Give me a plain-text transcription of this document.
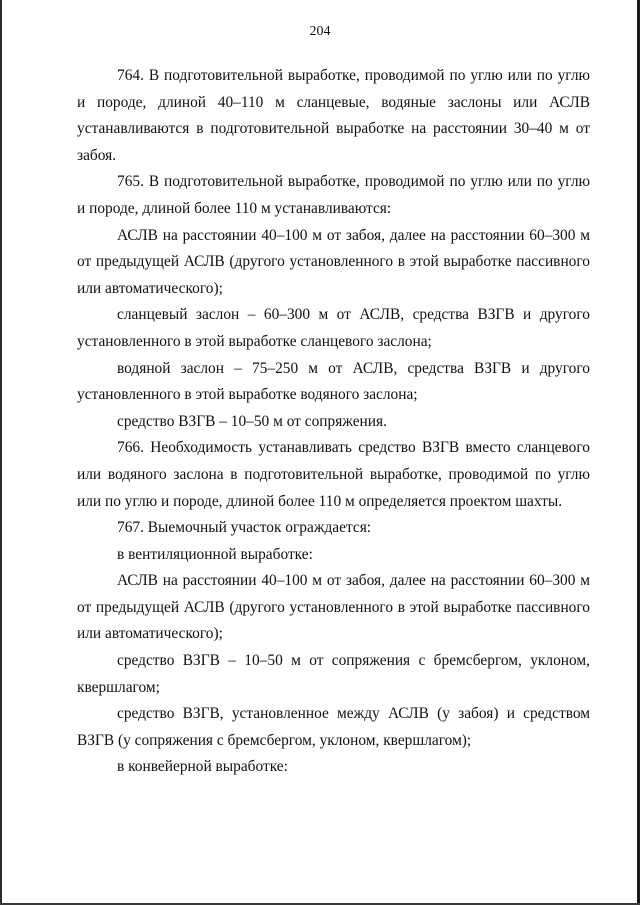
204

764. В подготовительной выработке, проводимой по углю или по углю и породе, длиной 40–110 м сланцевые, водяные заслоны или АСЛВ устанавливаются в подготовительной выработке на расстоянии 30–40 м от забоя.

765. В подготовительной выработке, проводимой по углю или по углю и породе, длиной более 110 м устанавливаются:

АСЛВ на расстоянии 40–100 м от забоя, далее на расстоянии 60–300 м от предыдущей АСЛВ (другого установленного в этой выработке пассивного или автоматического);

сланцевый заслон – 60–300 м от АСЛВ, средства ВЗГВ и другого установленного в этой выработке сланцевого заслона;

водяной заслон – 75–250 м от АСЛВ, средства ВЗГВ и другого установленного в этой выработке водяного заслона;

средство ВЗГВ – 10–50 м от сопряжения.

766. Необходимость устанавливать средство ВЗГВ вместо сланцевого или водяного заслона в подготовительной выработке, проводимой по углю или по углю и породе, длиной более 110 м определяется проектом шахты.

767. Выемочный участок ограждается:

в вентиляционной выработке:

АСЛВ на расстоянии 40–100 м от забоя, далее на расстоянии 60–300 м от предыдущей АСЛВ (другого установленного в этой выработке пассивного или автоматического);

средство ВЗГВ – 10–50 м от сопряжения с бремсбергом, уклоном, квершлагом;

средство ВЗГВ, установленное между АСЛВ (у забоя) и средством ВЗГВ (у сопряжения с бремсбергом, уклоном, квершлагом);

в конвейерной выработке:
